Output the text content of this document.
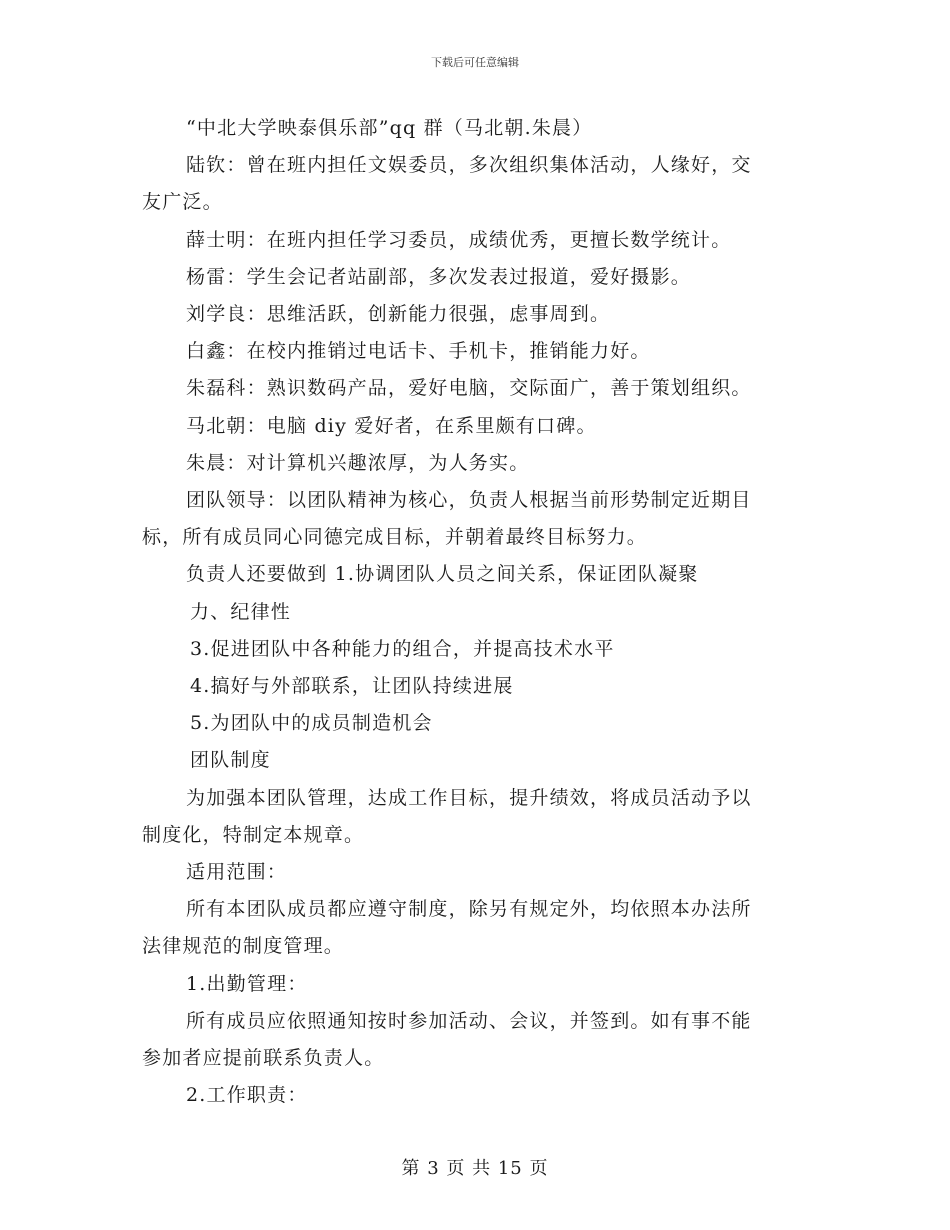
下载后可任意编辑

“中北大学映泰俱乐部”qq 群（马北朝.朱晨）

陆钦：曾在班内担任文娱委员，多次组织集体活动，人缘好，交

友广泛。

薛士明：在班内担任学习委员，成绩优秀，更擅长数学统计。

杨雷：学生会记者站副部，多次发表过报道，爱好摄影。

刘学良：思维活跃，创新能力很强，虑事周到。

白鑫：在校内推销过电话卡、手机卡，推销能力好。

朱磊科：熟识数码产品，爱好电脑，交际面广，善于策划组织。

马北朝：电脑 diy 爱好者，在系里颇有口碑。

朱晨：对计算机兴趣浓厚，为人务实。

团队领导：以团队精神为核心，负责人根据当前形势制定近期目

标，所有成员同心同德完成目标，并朝着最终目标努力。

负责人还要做到 1.协调团队人员之间关系，保证团队凝聚

力、纪律性

3.促进团队中各种能力的组合，并提高技术水平

4.搞好与外部联系，让团队持续进展

5.为团队中的成员制造机会

团队制度

为加强本团队管理，达成工作目标，提升绩效，将成员活动予以

制度化，特制定本规章。

适用范围：

所有本团队成员都应遵守制度，除另有规定外，均依照本办法所

法律规范的制度管理。

1.出勤管理：

所有成员应依照通知按时参加活动、会议，并签到。如有事不能

参加者应提前联系负责人。

2.工作职责：

第 3 页 共 15 页
